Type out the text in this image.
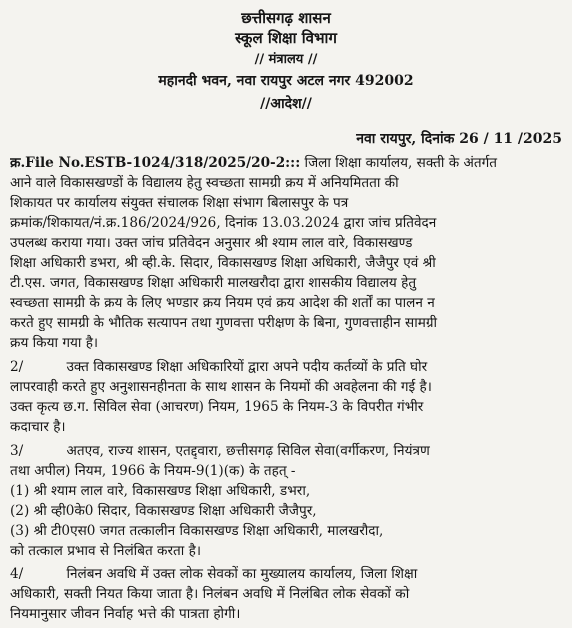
छत्तीसगढ़ शासन
स्कूल शिक्षा विभाग
// मंत्रालय //
महानदी भवन, नवा रायपुर अटल नगर 492002
//आदेश//
नवा रायपुर, दिनांक 26 / 11 /2025
क्र.File No.ESTB-1024/318/2025/20-2::: जिला शिक्षा कार्यालय, सक्ती के अंतर्गत
आने वाले विकासखण्डों के विद्यालय हेतु स्वच्छता सामग्री क्रय में अनियमितता की
शिकायत पर कार्यालय संयुक्त संचालक शिक्षा संभाग बिलासपुर के पत्र
क्रमांक/शिकायत/नं.क्र.186/2024/926, दिनांक 13.03.2024 द्वारा जांच प्रतिवेदन
उपलब्ध कराया गया। उक्त जांच प्रतिवेदन अनुसार श्री श्याम लाल वारे, विकासखण्ड
शिक्षा अधिकारी डभरा, श्री व्ही.के. सिदार, विकासखण्ड शिक्षा अधिकारी, जैजैपुर एवं श्री
टी.एस. जगत, विकासखण्ड शिक्षा अधिकारी मालखरौदा द्वारा शासकीय विद्यालय हेतु
स्वच्छता सामग्री के क्रय के लिए भण्डार क्रय नियम एवं क्रय आदेश की शर्तों का पालन न
करते हुए सामग्री के भौतिक सत्यापन तथा गुणवत्ता परीक्षण के बिना, गुणवत्ताहीन सामग्री
क्रय किया गया है।
2/          उक्त विकासखण्ड शिक्षा अधिकारियों द्वारा अपने पदीय कर्तव्यों के प्रति घोर
लापरवाही करते हुए अनुशासनहीनता के साथ शासन के नियमों की अवहेलना की गई है।
उक्त कृत्य छ.ग. सिविल सेवा (आचरण) नियम, 1965 के नियम-3 के विपरीत गंभीर
कदाचार है।
3/          अतएव, राज्य शासन, एतद्द्वारा, छत्तीसगढ़ सिविल सेवा(वर्गीकरण, नियंत्रण
तथा अपील) नियम, 1966 के नियम-9(1)(क) के तहत् -
(1) श्री श्याम लाल वारे, विकासखण्ड शिक्षा अधिकारी, डभरा,
(2) श्री व्ही0के0 सिदार, विकासखण्ड शिक्षा अधिकारी जैजैपुर,
(3) श्री टी0एस0 जगत तत्कालीन विकासखण्ड शिक्षा अधिकारी, मालखरौदा,
को तत्काल प्रभाव से निलंबित करता है।
4/          निलंबन अवधि में उक्त लोक सेवकों का मुख्यालय कार्यालय, जिला शिक्षा
अधिकारी, सक्ती नियत किया जाता है। निलंबन अवधि में निलंबित लोक सेवकों को
नियमानुसार जीवन निर्वाह भत्ते की पात्रता होगी।
